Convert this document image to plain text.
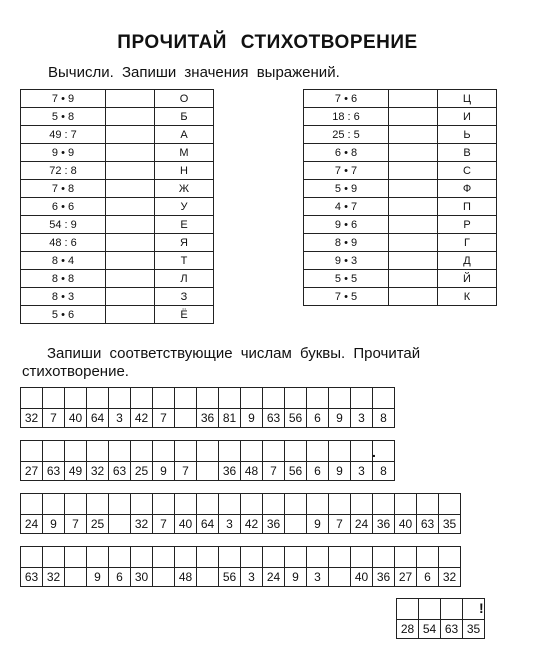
ПРОЧИТАЙ СТИХОТВОРЕНИЕ
Вычисли. Запиши значения выражений.
7 • 9		О
5 • 8		Б
49 : 7		А
9 • 9		М
72 : 8		Н
7 • 8		Ж
6 • 6		У
54 : 9		Е
48 : 6		Я
8 • 4		Т
8 • 8		Л
8 • 3		З
5 • 6		Ё
7 • 6		Ц
18 : 6		И
25 : 5		Ь
6 • 8		В
7 • 7		С
5 • 9		Ф
4 • 7		П
9 • 6		Р
8 • 9		Г
9 • 3		Д
5 • 5		Й
7 • 5		К
Запиши соответствующие числам буквы. Прочитай стихотворение.

32	7	40	64	3	42	7		36	81	9	63	56	6	9	3	8

27	63	49	32	63	25	9	7		36	48	7	56	6	9	3	8

24	9	7	25		32	7	40	64	3	42	36		9	7	24	36	40	63	35

63	32		9	6	30		48		56	3	24	9	3		40	36	27	6	32

28	54	63	35
.
!
